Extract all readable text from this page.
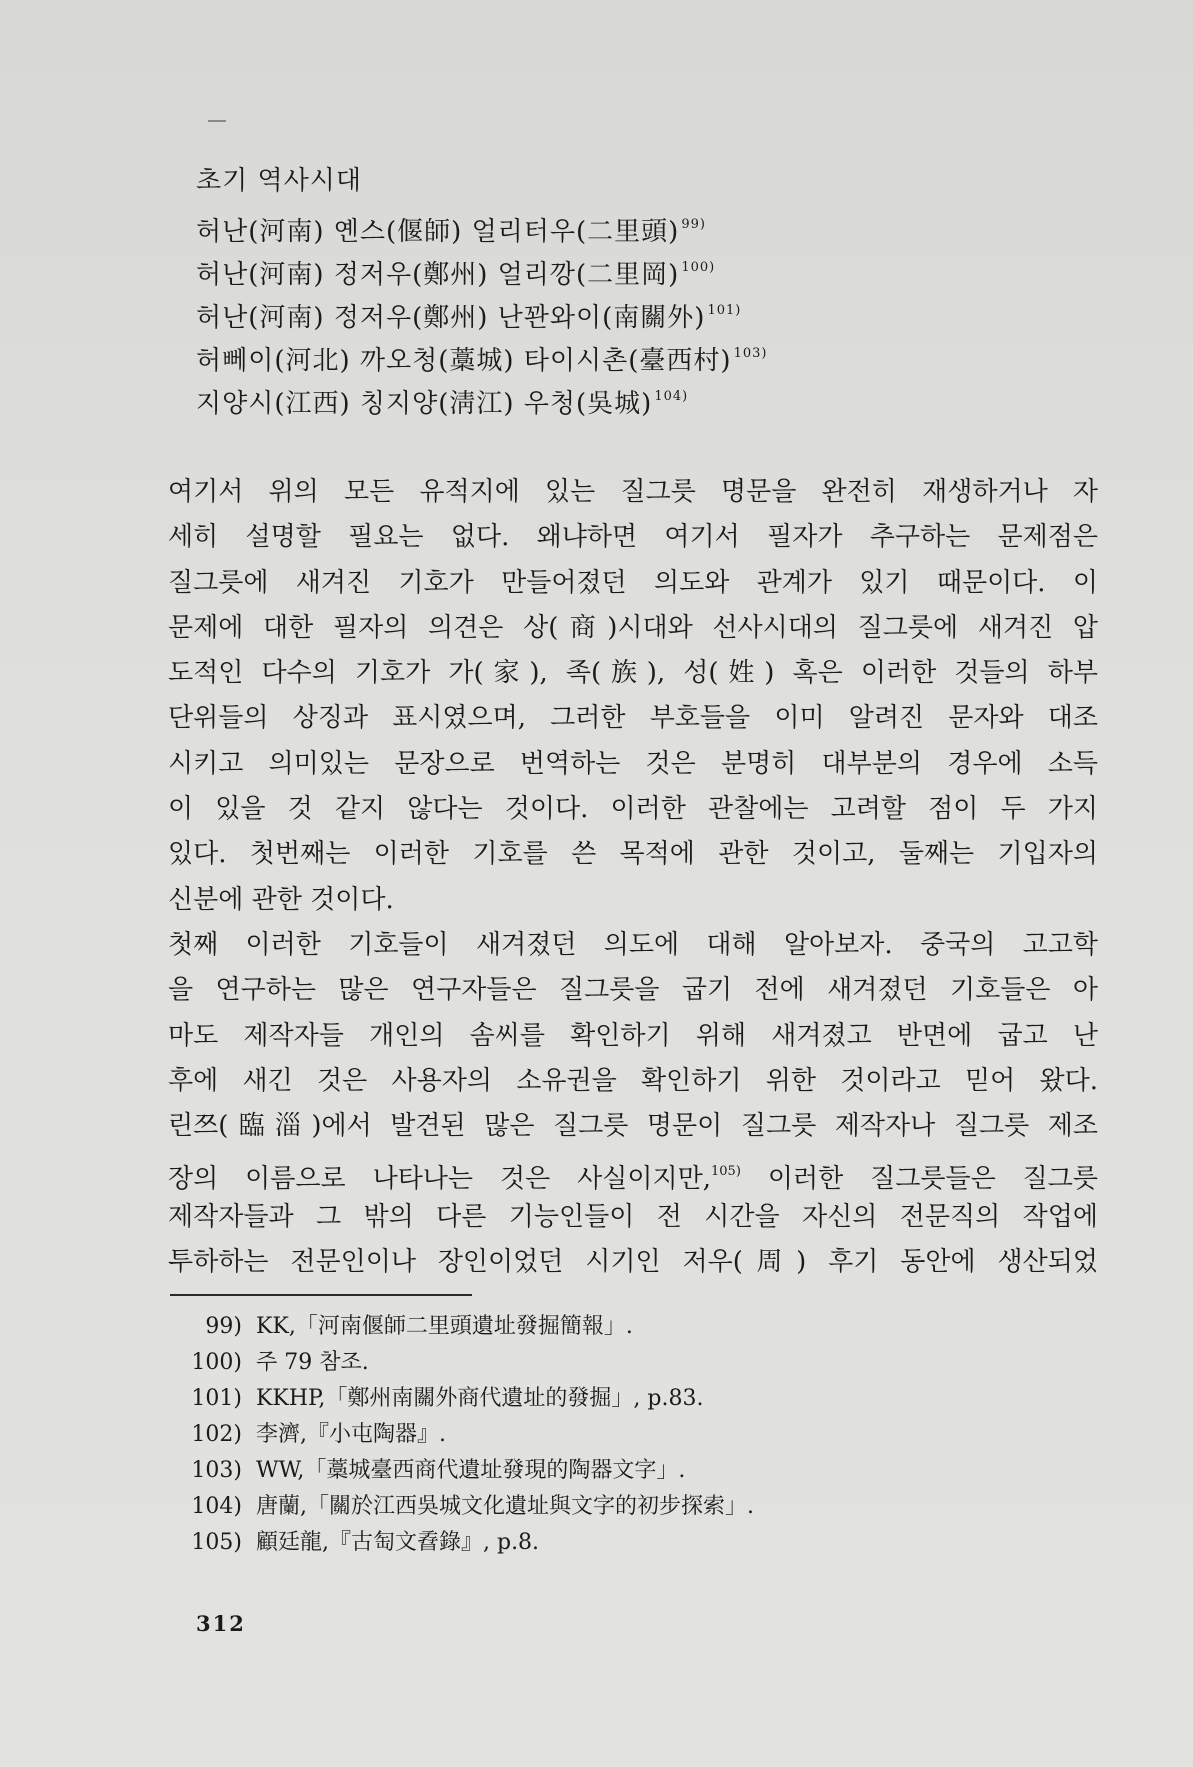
초기 역사시대
허난(河南) 옌스(偃師) 얼리터우(二里頭) $^{99)}$
허난(河南) 정저우(鄭州) 얼리깡(二里岡) $^{100)}$
허난(河南) 정저우(鄭州) 난꽌와이(南關外) $^{101)}$
허뻬이(河北) 까오청(藁城) 타이시촌(臺西村) $^{103)}$
지양시(江西) 칭지양(淸江) 우청(吳城) $^{104)}$
여기서 위의 모든 유적지에 있는 질그릇 명문을 완전히 재생하거나 자
세히 설명할 필요는 없다. 왜냐하면 여기서 필자가 추구하는 문제점은
질그릇에 새겨진 기호가 만들어졌던 의도와 관계가 있기 때문이다. 이
문제에 대한 필자의 의견은 상(商)시대와 선사시대의 질그릇에 새겨진 압
도적인 다수의 기호가 가(家), 족(族), 성(姓) 혹은 이러한 것들의 하부
단위들의 상징과 표시였으며, 그러한 부호들을 이미 알려진 문자와 대조
시키고 의미있는 문장으로 번역하는 것은 분명히 대부분의 경우에 소득
이 있을 것 같지 않다는 것이다. 이러한 관찰에는 고려할 점이 두 가지
있다. 첫번째는 이러한 기호를 쓴 목적에 관한 것이고, 둘째는 기입자의
신분에 관한 것이다.
첫째 이러한 기호들이 새겨졌던 의도에 대해 알아보자. 중국의 고고학
을 연구하는 많은 연구자들은 질그릇을 굽기 전에 새겨졌던 기호들은 아
마도 제작자들 개인의 솜씨를 확인하기 위해 새겨졌고 반면에 굽고 난
후에 새긴 것은 사용자의 소유권을 확인하기 위한 것이라고 믿어 왔다.
린쯔(臨淄)에서 발견된 많은 질그릇 명문이 질그릇 제작자나 질그릇 제조
장의 이름으로 나타나는 것은 사실이지만,$^{105)}$ 이러한 질그릇들은 질그릇
제작자들과 그 밖의 다른 기능인들이 전 시간을 자신의 전문직의 작업에
투하하는 전문인이나 장인이었던 시기인 저우(周) 후기 동안에 생산되었
99) KK,「河南偃師二里頭遺址發掘簡報」.
100) 주 79 참조.
101) KKHP,「鄭州南關外商代遺址的發掘」, p.83.
102) 李濟,『小屯陶器』.
103) WW,「藁城臺西商代遺址發現的陶器文字」.
104) 唐蘭,「關於江西吳城文化遺址與文字的初步探索」.
105) 顧廷龍,『古匋文孴錄』, p.8.
312
